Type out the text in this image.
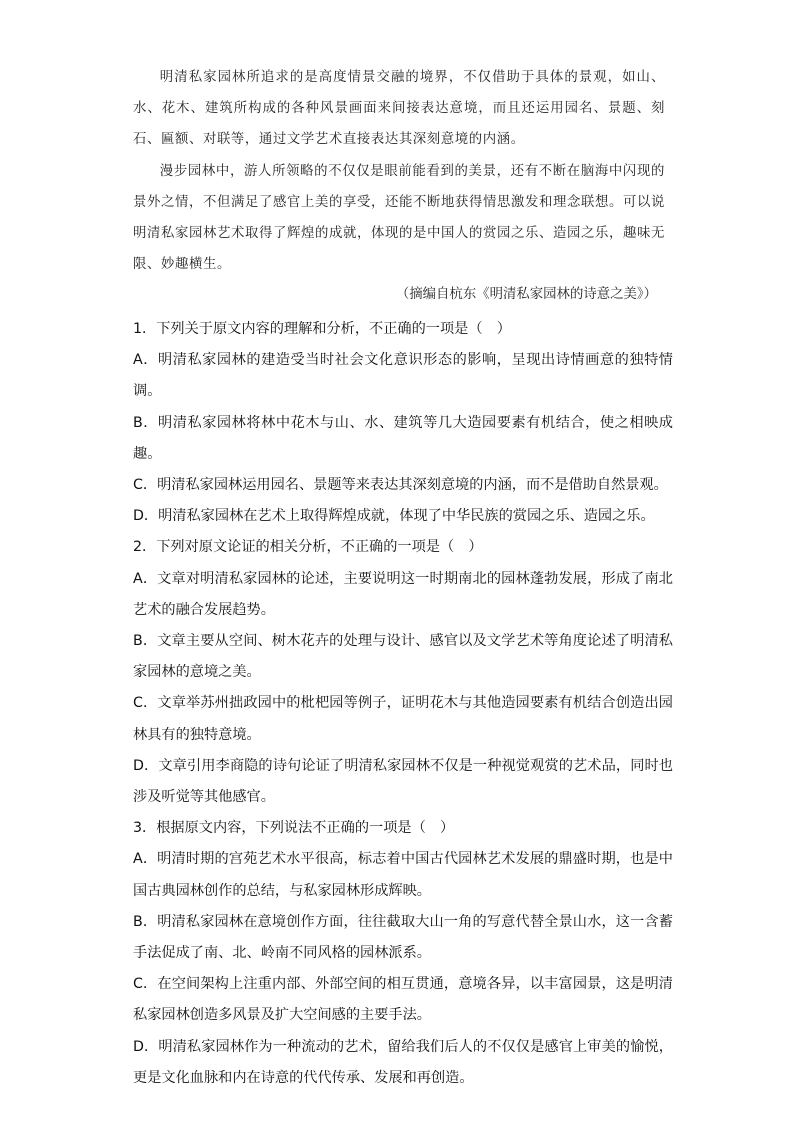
明清私家园林所追求的是高度情景交融的境界，不仅借助于具体的景观，如山、水、花木、建筑所构成的各种风景画面来间接表达意境，而且还运用园名、景题、刻石、匾额、对联等，通过文学艺术直接表达其深刻意境的内涵。

漫步园林中，游人所领略的不仅仅是眼前能看到的美景，还有不断在脑海中闪现的景外之情，不但满足了感官上美的享受，还能不断地获得情思激发和理念联想。可以说明清私家园林艺术取得了辉煌的成就，体现的是中国人的赏园之乐、造园之乐，趣味无限、妙趣横生。

（摘编自杭东《明清私家园林的诗意之美》）

1．下列关于原文内容的理解和分析，不正确的一项是（　）

A．明清私家园林的建造受当时社会文化意识形态的影响，呈现出诗情画意的独特情调。

B．明清私家园林将林中花木与山、水、建筑等几大造园要素有机结合，使之相映成趣。

C．明清私家园林运用园名、景题等来表达其深刻意境的内涵，而不是借助自然景观。

D．明清私家园林在艺术上取得辉煌成就，体现了中华民族的赏园之乐、造园之乐。

2．下列对原文论证的相关分析，不正确的一项是（　）

A．文章对明清私家园林的论述，主要说明这一时期南北的园林蓬勃发展，形成了南北艺术的融合发展趋势。

B．文章主要从空间、树木花卉的处理与设计、感官以及文学艺术等角度论述了明清私家园林的意境之美。

C．文章举苏州拙政园中的枇杷园等例子，证明花木与其他造园要素有机结合创造出园林具有的独特意境。

D．文章引用李商隐的诗句论证了明清私家园林不仅是一种视觉观赏的艺术品，同时也涉及听觉等其他感官。

3．根据原文内容，下列说法不正确的一项是（　）

A．明清时期的宫苑艺术水平很高，标志着中国古代园林艺术发展的鼎盛时期，也是中国古典园林创作的总结，与私家园林形成辉映。

B．明清私家园林在意境创作方面，往往截取大山一角的写意代替全景山水，这一含蓄手法促成了南、北、岭南不同风格的园林派系。

C．在空间架构上注重内部、外部空间的相互贯通，意境各异，以丰富园景，这是明清私家园林创造多风景及扩大空间感的主要手法。

D．明清私家园林作为一种流动的艺术，留给我们后人的不仅仅是感官上审美的愉悦，更是文化血脉和内在诗意的代代传承、发展和再创造。
